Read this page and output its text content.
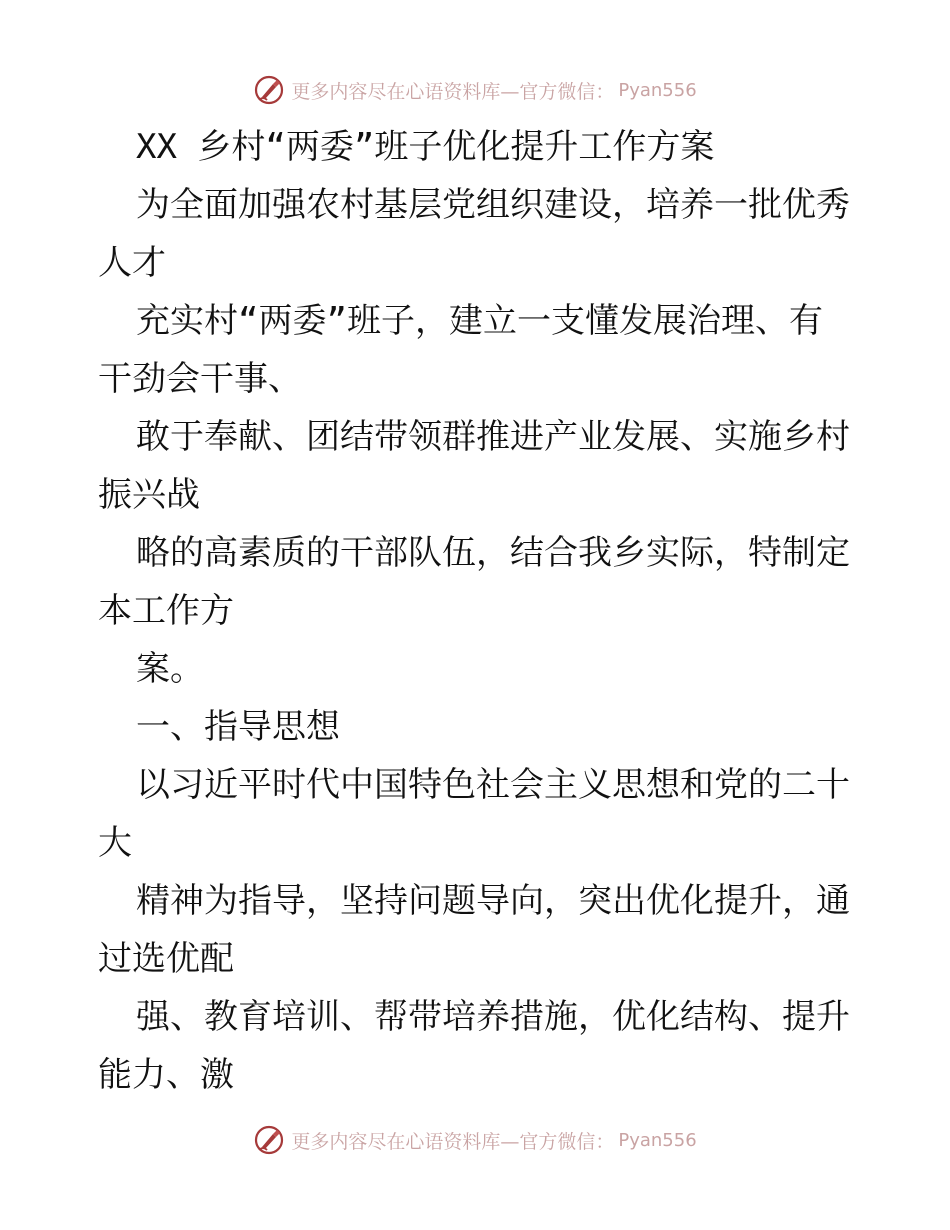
更多内容尽在心语资料库—官方微信： Pyan556
XX 乡村“两委”班子优化提升工作方案
为全面加强农村基层党组织建设，培养一批优秀
人才
充实村“两委”班子，建立一支懂发展治理、有
干劲会干事、
敢于奉献、团结带领群推进产业发展、实施乡村
振兴战
略的高素质的干部队伍，结合我乡实际，特制定
本工作方
案。
一、指导思想
以习近平时代中国特色社会主义思想和党的二十
大
精神为指导，坚持问题导向，突出优化提升，通
过选优配
强、教育培训、帮带培养措施，优化结构、提升
能力、激
更多内容尽在心语资料库—官方微信： Pyan556
